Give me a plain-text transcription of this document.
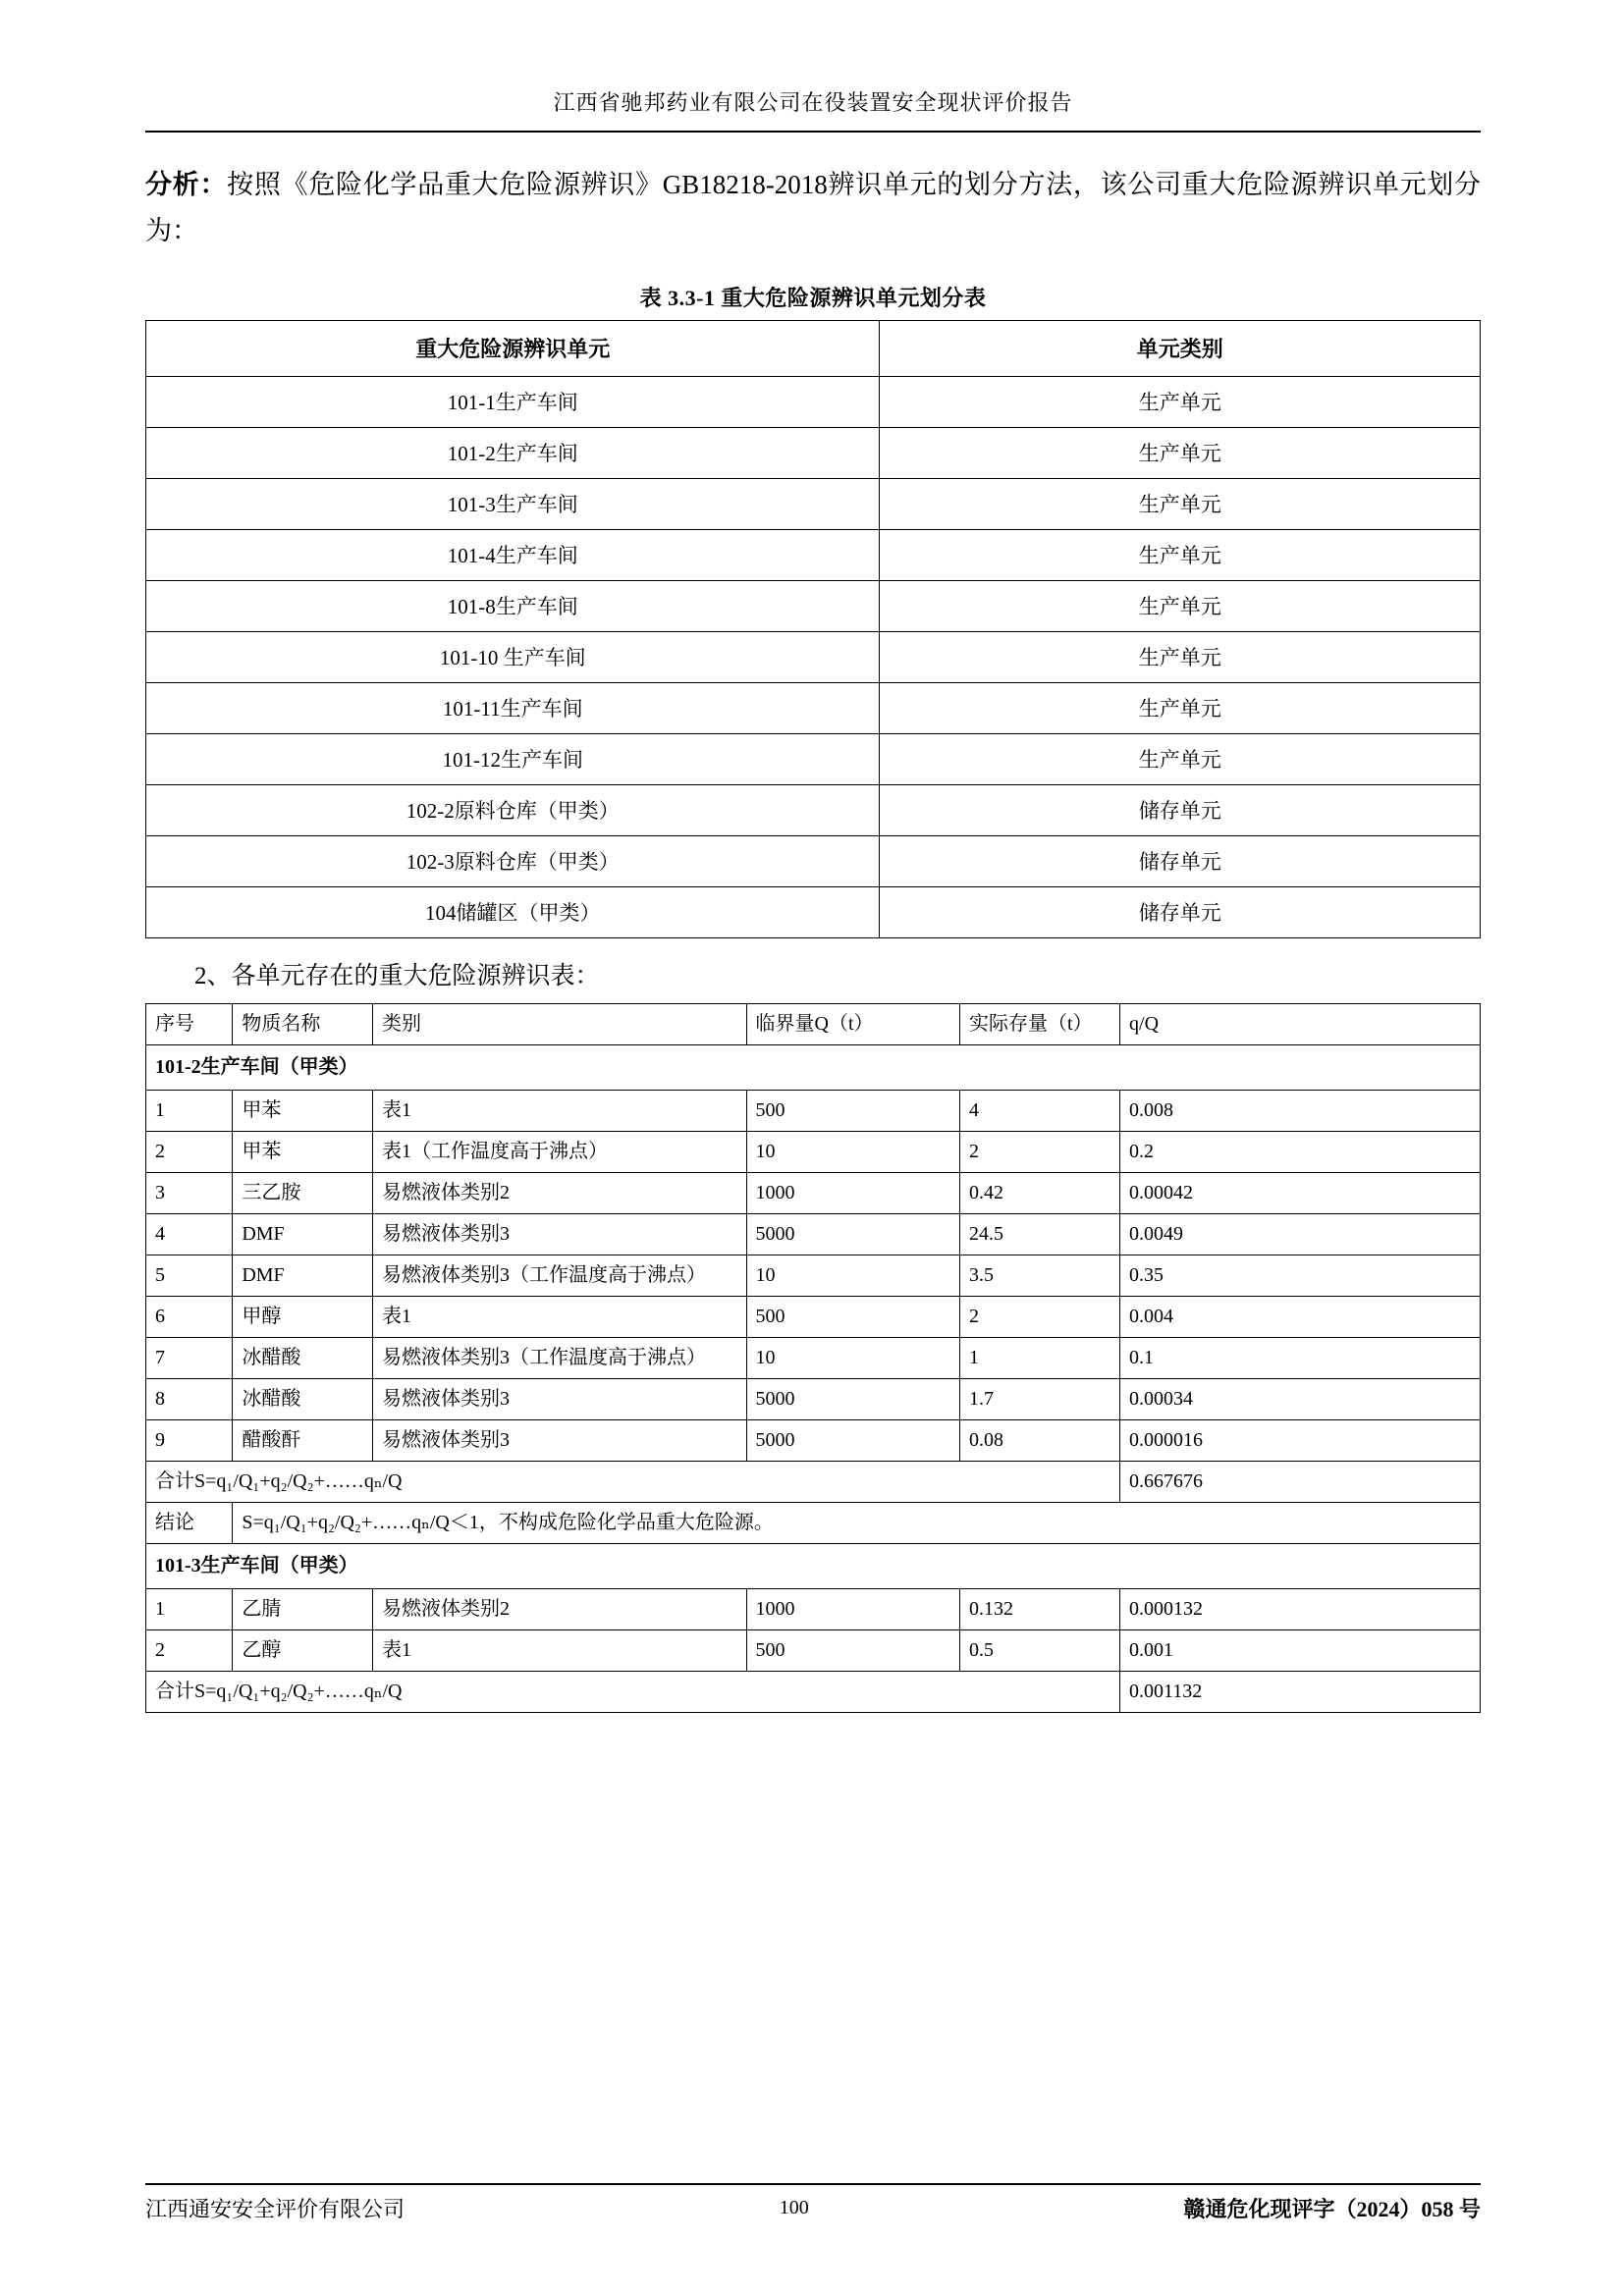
江西省驰邦药业有限公司在役装置安全现状评价报告

分析：按照《危险化学品重大危险源辨识》GB18218-2018辨识单元的划分方法，该公司重大危险源辨识单元划分为：

表 3.3-1 重大危险源辨识单元划分表
重大危险源辨识单元	单元类别
101-1生产车间	生产单元
101-2生产车间	生产单元
101-3生产车间	生产单元
101-4生产车间	生产单元
101-8生产车间	生产单元
101-10 生产车间	生产单元
101-11生产车间	生产单元
101-12生产车间	生产单元
102-2原料仓库（甲类）	储存单元
102-3原料仓库（甲类）	储存单元
104储罐区（甲类）	储存单元
2、各单元存在的重大危险源辨识表：
序号	物质名称	类别	临界量Q（t）	实际存量（t）	q/Q
101-2生产车间（甲类）					
1	甲苯	表1	500	4	0.008
2	甲苯	表1（工作温度高于沸点）	10	2	0.2
3	三乙胺	易燃液体类别2	1000	0.42	0.00042
4	DMF	易燃液体类别3	5000	24.5	0.0049
5	DMF	易燃液体类别3（工作温度高于沸点）	10	3.5	0.35
6	甲醇	表1	500	2	0.004
7	冰醋酸	易燃液体类别3（工作温度高于沸点）	10	1	0.1
8	冰醋酸	易燃液体类别3	5000	1.7	0.00034
9	醋酸酐	易燃液体类别3	5000	0.08	0.000016
合计S=q₁/Q₁+q₂/Q₂+……qₙ/Q					0.667676
结论	S=q₁/Q₁+q₂/Q₂+……qₙ/Q＜1，不构成危险化学品重大危险源。				
101-3生产车间（甲类）					
1	乙腈	易燃液体类别2	1000	0.132	0.000132
2	乙醇	表1	500	0.5	0.001
合计S=q₁/Q₁+q₂/Q₂+……qₙ/Q					0.001132
江西通安安全评价有限公司	100	赣通危化现评字（2024）058 号
